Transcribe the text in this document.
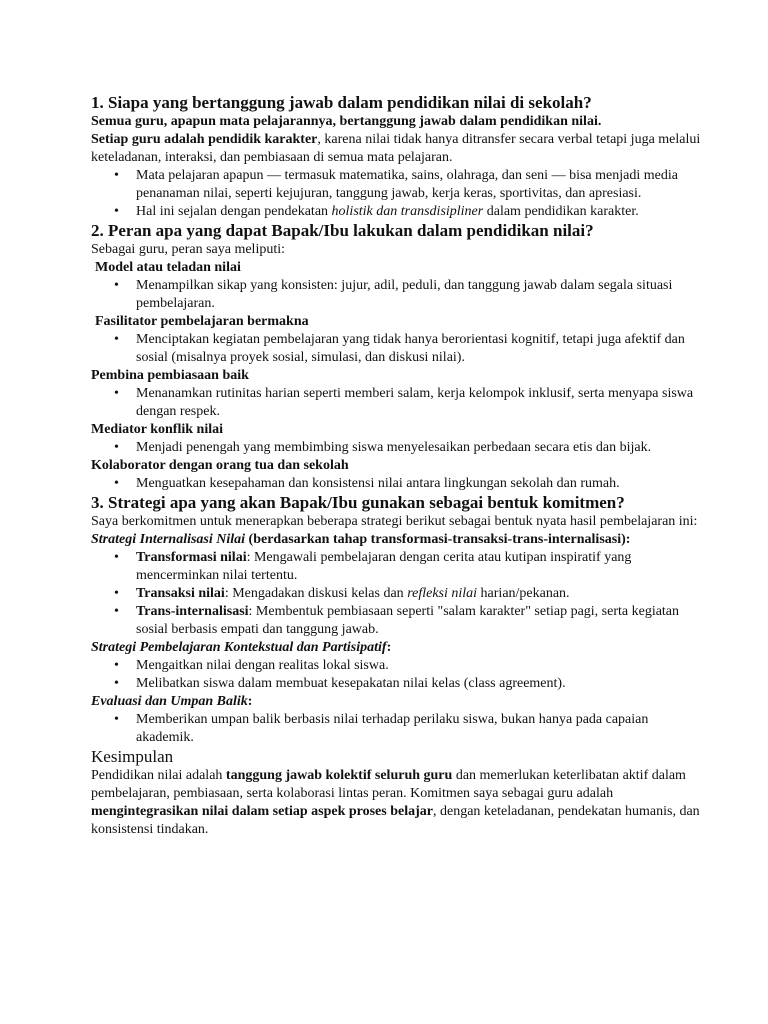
1. Siapa yang bertanggung jawab dalam pendidikan nilai di sekolah?

Semua guru, apapun mata pelajarannya, bertanggung jawab dalam pendidikan nilai.

Setiap guru adalah pendidik karakter, karena nilai tidak hanya ditransfer secara verbal tetapi juga melalui keteladanan, interaksi, dan pembiasaan di semua mata pelajaran.

• Mata pelajaran apapun — termasuk matematika, sains, olahraga, dan seni — bisa menjadi media penanaman nilai, seperti kejujuran, tanggung jawab, kerja keras, sportivitas, dan apresiasi.
• Hal ini sejalan dengan pendekatan holistik dan transdisipliner dalam pendidikan karakter.
2. Peran apa yang dapat Bapak/Ibu lakukan dalam pendidikan nilai?

Sebagai guru, peran saya meliputi:

Model atau teladan nilai

• Menampilkan sikap yang konsisten: jujur, adil, peduli, dan tanggung jawab dalam segala situasi pembelajaran.

Fasilitator pembelajaran bermakna

• Menciptakan kegiatan pembelajaran yang tidak hanya berorientasi kognitif, tetapi juga afektif dan sosial (misalnya proyek sosial, simulasi, dan diskusi nilai).

Pembina pembiasaan baik

• Menanamkan rutinitas harian seperti memberi salam, kerja kelompok inklusif, serta menyapa siswa dengan respek.

Mediator konflik nilai

• Menjadi penengah yang membimbing siswa menyelesaikan perbedaan secara etis dan bijak.

Kolaborator dengan orang tua dan sekolah

• Menguatkan kesepahaman dan konsistensi nilai antara lingkungan sekolah dan rumah.
3. Strategi apa yang akan Bapak/Ibu gunakan sebagai bentuk komitmen?

Saya berkomitmen untuk menerapkan beberapa strategi berikut sebagai bentuk nyata hasil pembelajaran ini:

Strategi Internalisasi Nilai (berdasarkan tahap transformasi-transaksi-trans-internalisasi):

• Transformasi nilai: Mengawali pembelajaran dengan cerita atau kutipan inspiratif yang mencerminkan nilai tertentu.
• Transaksi nilai: Mengadakan diskusi kelas dan refleksi nilai harian/pekanan.
• Trans-internalisasi: Membentuk pembiasaan seperti "salam karakter" setiap pagi, serta kegiatan sosial berbasis empati dan tanggung jawab.

Strategi Pembelajaran Kontekstual dan Partisipatif:

• Mengaitkan nilai dengan realitas lokal siswa.
• Melibatkan siswa dalam membuat kesepakatan nilai kelas (class agreement).

Evaluasi dan Umpan Balik:

• Memberikan umpan balik berbasis nilai terhadap perilaku siswa, bukan hanya pada capaian akademik.
Kesimpulan

Pendidikan nilai adalah tanggung jawab kolektif seluruh guru dan memerlukan keterlibatan aktif dalam pembelajaran, pembiasaan, serta kolaborasi lintas peran. Komitmen saya sebagai guru adalah mengintegrasikan nilai dalam setiap aspek proses belajar, dengan keteladanan, pendekatan humanis, dan konsistensi tindakan.
